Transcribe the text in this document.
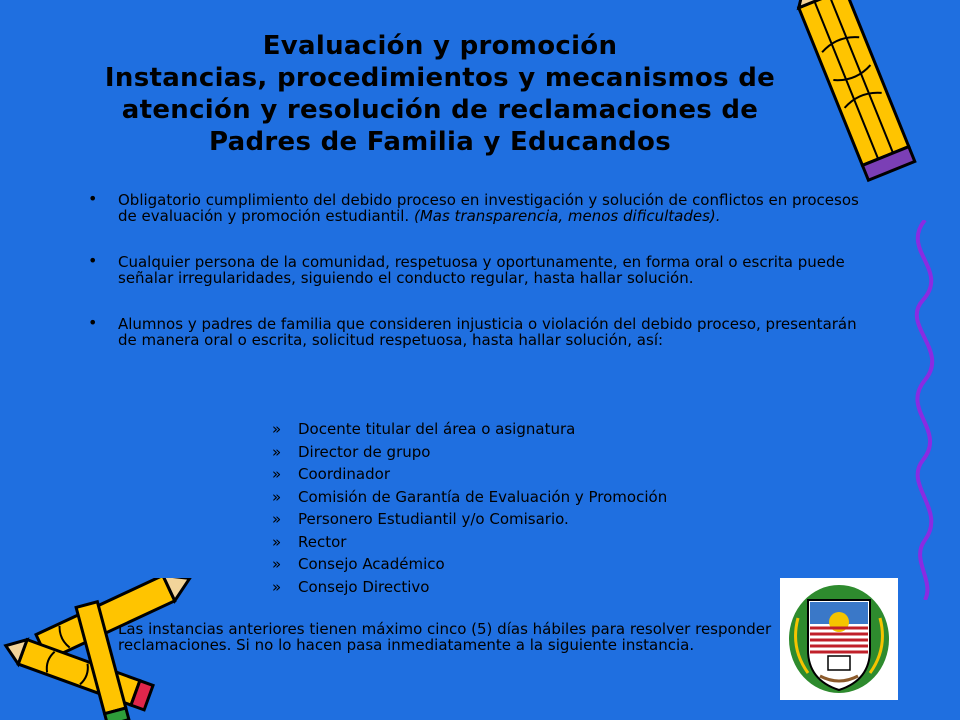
Evaluación y promoción
Instancias, procedimientos y mecanismos de
atención y resolución de reclamaciones de
Padres de Familia y Educandos
• Obligatorio cumplimiento del debido proceso en investigación y solución de conflictos en procesos de evaluación y promoción estudiantil. (Mas transparencia, menos dificultades).
• Cualquier persona de la comunidad, respetuosa y oportunamente, en forma oral o escrita puede señalar irregularidades, siguiendo el conducto regular, hasta hallar solución.
• Alumnos y padres de familia que consideren injusticia o violación del debido proceso, presentarán de manera oral o escrita, solicitud respetuosa, hasta hallar solución, así:
» Docente titular del área o asignatura
» Director de grupo
» Coordinador
» Comisión de Garantía de Evaluación y Promoción
» Personero Estudiantil y/o Comisario.
» Rector
» Consejo Académico
» Consejo Directivo
Las instancias anteriores tienen máximo cinco (5) días hábiles para resolver responder reclamaciones. Si no lo hacen pasa inmediatamente a la siguiente instancia.
